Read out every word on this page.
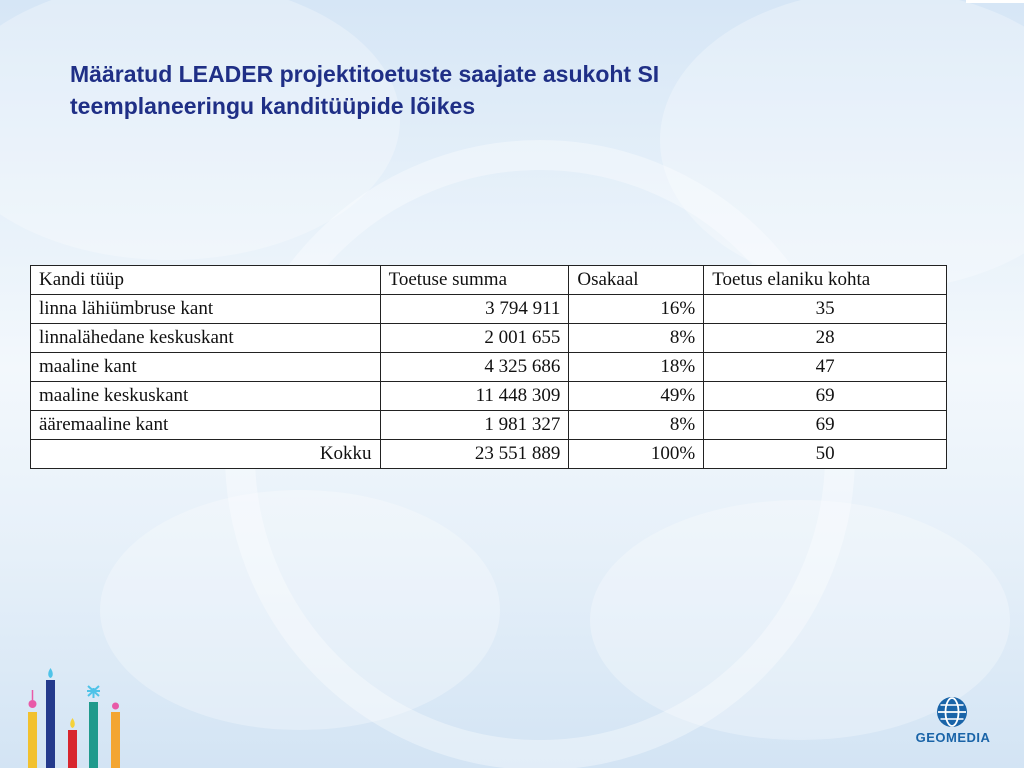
Määratud LEADER projektitoetuste saajate asukoht SI
teemplaneeringu kanditüüpide lõikes
Kandi tüüp	Toetuse summa	Osakaal	Toetus elaniku kohta
linna lähiümbruse kant	3 794 911	16%	35
linnalähedane keskuskant	2 001 655	8%	28
maaline kant	4 325 686	18%	47
maaline keskuskant	11 448 309	49%	69
ääremaaline kant	1 981 327	8%	69
Kokku	23 551 889	100%	50
GEOMEDIA
